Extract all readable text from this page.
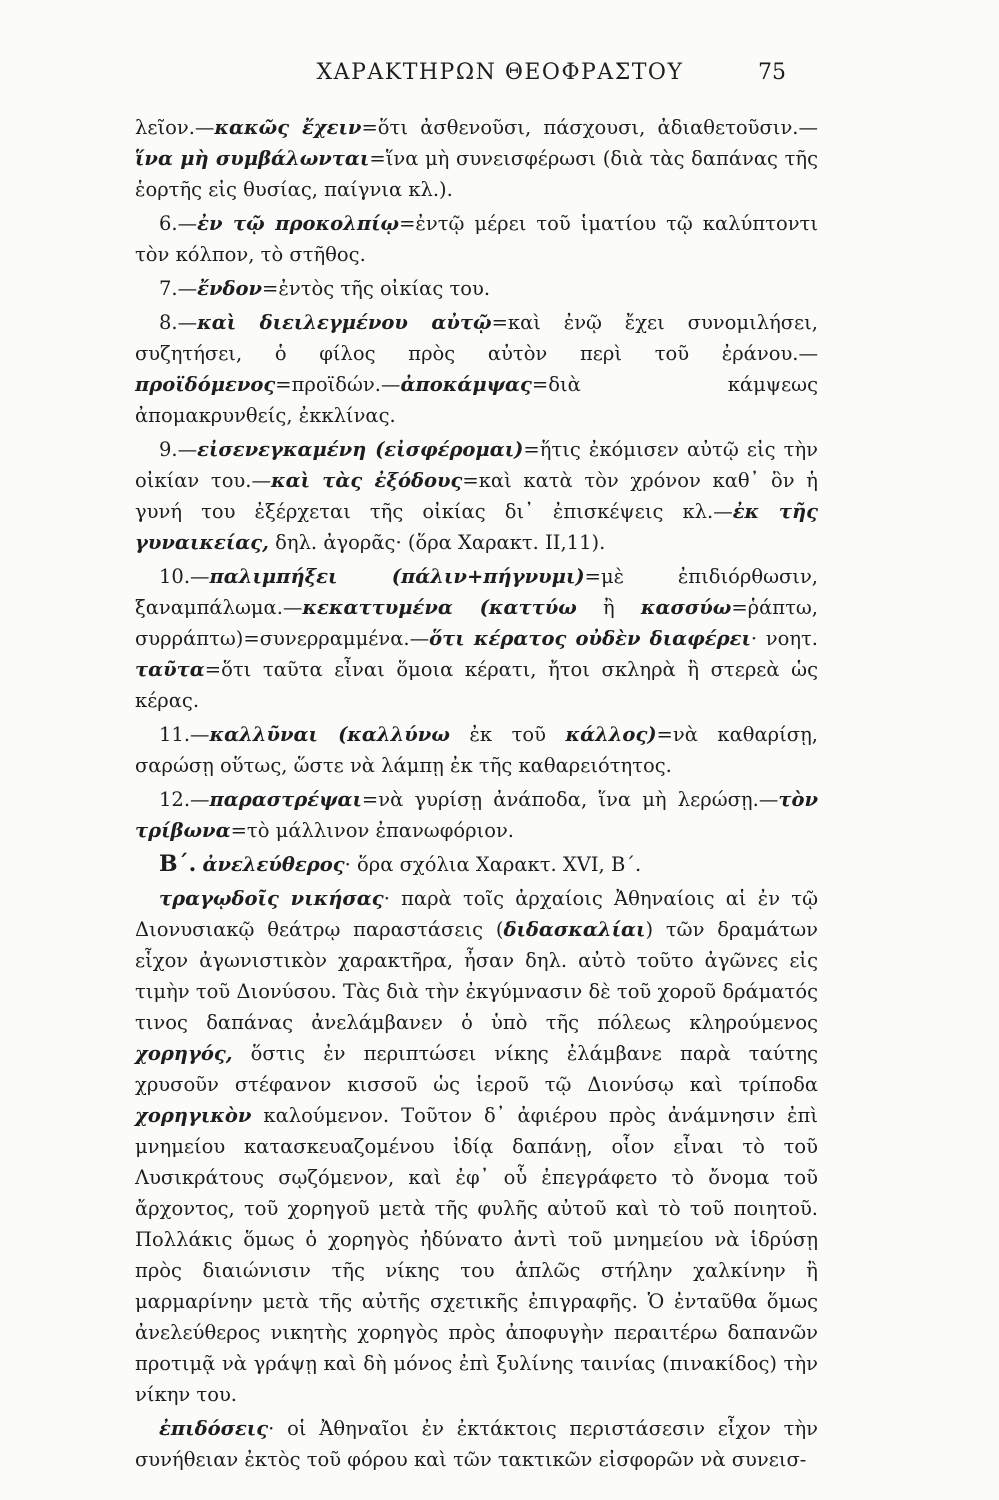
ΧΑΡΑΚΤΗΡΩΝ ΘΕΟΦΡΑΣΤΟΥ	75

λεῖον.—κακῶς ἔχειν=ὅτι ἀσθενοῦσι, πάσχουσι, ἀδιαθετοῦσιν.—ἵνα μὴ συμβάλωνται=ἵνα μὴ συνεισφέρωσι (διὰ τὰς δαπάνας τῆς ἑορτῆς εἰς θυσίας, παίγνια κλ.).

6.—ἐν τῷ προκολπίῳ=ἐντῷ μέρει τοῦ ἱματίου τῷ καλύπτοντι τὸν κόλπον, τὸ στῆθος.

7.—ἔνδον=ἐντὸς τῆς οἰκίας του.

8.—καὶ διειλεγμένου αὐτῷ=καὶ ἐνῷ ἔχει συνομιλήσει, συζητήσει, ὁ φίλος πρὸς αὐτὸν περὶ τοῦ ἐράνου.—προϊδόμενος=προϊδών.—ἀποκάμψας=διὰ κάμψεως ἀπομακρυνθείς, ἐκκλίνας.

9.—εἰσενεγκαμένη (εἰσφέρομαι)=ἥτις ἐκόμισεν αὐτῷ εἰς τὴν οἰκίαν του.—καὶ τὰς ἐξόδους=καὶ κατὰ τὸν χρόνον καθ᾽ ὃν ἡ γυνή του ἐξέρχεται τῆς οἰκίας δι᾽ ἐπισκέψεις κλ.—ἐκ τῆς γυναικείας, δηλ. ἀγορᾶς· (ὅρα Χαρακτ. II,11).

10.—παλιμπήξει (πάλιν+πήγνυμι)=μὲ ἐπιδιόρθωσιν, ξαναμπάλωμα.—κεκαττυμένα (καττύω ἢ κασσύω=ῥάπτω, συρράπτω)=συνερραμμένα.—ὅτι κέρατος οὐδὲν διαφέρει· νοητ. ταῦτα=ὅτι ταῦτα εἶναι ὅμοια κέρατι, ἤτοι σκληρὰ ἢ στερεὰ ὡς κέρας.

11.—καλλῦναι (καλλύνω ἐκ τοῦ κάλλος)=νὰ καθαρίσῃ, σαρώσῃ οὕτως, ὥστε νὰ λάμπῃ ἐκ τῆς καθαρειότητος.

12.—παραστρέψαι=νὰ γυρίσῃ ἀνάποδα, ἵνα μὴ λερώσῃ.—τὸν τρίβωνα=τὸ μάλλινον ἐπανωφόριον.

Β΄. ἀνελεύθερος· ὅρα σχόλια Χαρακτ. XVI, Β΄.

τραγῳδοῖς νικήσας· παρὰ τοῖς ἀρχαίοις Ἀθηναίοις αἱ ἐν τῷ Διονυσιακῷ θεάτρῳ παραστάσεις (διδασκαλίαι) τῶν δραμάτων εἶχον ἀγωνιστικὸν χαρακτῆρα, ἦσαν δηλ. αὐτὸ τοῦτο ἀγῶνες εἰς τιμὴν τοῦ Διονύσου. Τὰς διὰ τὴν ἐκγύμνασιν δὲ τοῦ χοροῦ δράματός τινος δαπάνας ἀνελάμβανεν ὁ ὑπὸ τῆς πόλεως κληρούμενος χορηγός, ὅστις ἐν περιπτώσει νίκης ἐλάμβανε παρὰ ταύτης χρυσοῦν στέφανον κισσοῦ ὡς ἱεροῦ τῷ Διονύσῳ καὶ τρίποδα χορηγικὸν καλούμενον. Τοῦτον δ᾽ ἀφιέρου πρὸς ἀνάμνησιν ἐπὶ μνημείου κατασκευαζομένου ἰδίᾳ δαπάνῃ, οἷον εἶναι τὸ τοῦ Λυσικράτους σῳζόμενον, καὶ ἐφ᾽ οὗ ἐπεγράφετο τὸ ὄνομα τοῦ ἄρχοντος, τοῦ χορηγοῦ μετὰ τῆς φυλῆς αὐτοῦ καὶ τὸ τοῦ ποιητοῦ. Πολλάκις ὅμως ὁ χορηγὸς ἠδύνατο ἀντὶ τοῦ μνημείου νὰ ἱδρύσῃ πρὸς διαιώνισιν τῆς νίκης του ἁπλῶς στήλην χαλκίνην ἢ μαρμαρίνην μετὰ τῆς αὐτῆς σχετικῆς ἐπιγραφῆς. Ὁ ἐνταῦθα ὅμως ἀνελεύθερος νικητὴς χορηγὸς πρὸς ἀποφυγὴν περαιτέρω δαπανῶν προτιμᾷ νὰ γράψῃ καὶ δὴ μόνος ἐπὶ ξυλίνης ταινίας (πινακίδος) τὴν νίκην του.

ἐπιδόσεις· οἱ Ἀθηναῖοι ἐν ἐκτάκτοις περιστάσεσιν εἶχον τὴν συνήθειαν ἐκτὸς τοῦ φόρου καὶ τῶν τακτικῶν εἰσφορῶν νὰ συνεισ-
